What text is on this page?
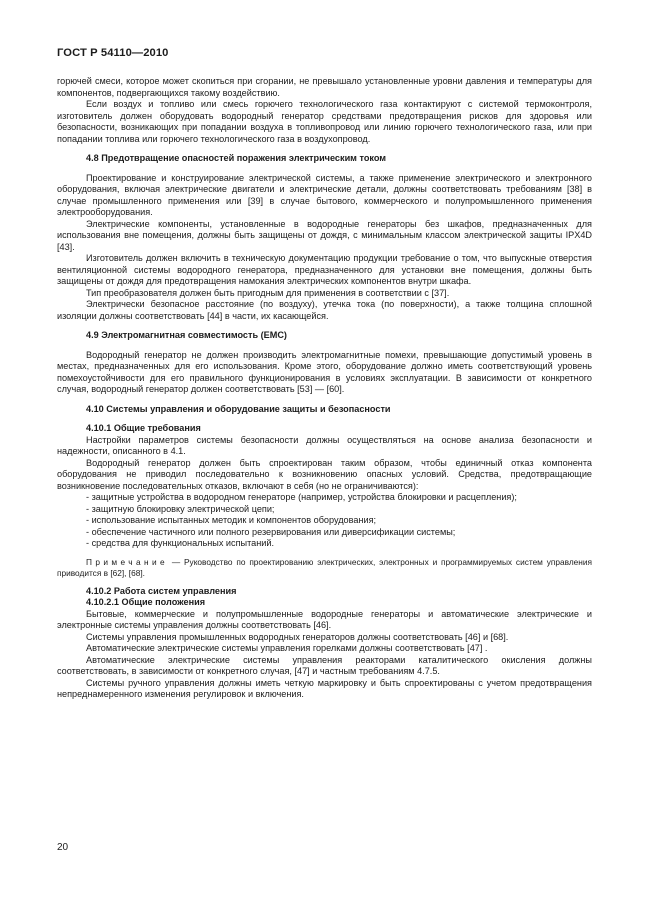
ГОСТ Р 54110—2010

горючей смеси, которое может скопиться при сгорании, не превышало установленные уровни давления и температуры для компонентов, подвергающихся такому воздействию.

Если воздух и топливо или смесь горючего технологического газа контактируют с системой термоконтроля, изготовитель должен оборудовать водородный генератор средствами предотвращения рисков для здоровья или безопасности, возникающих при попадании воздуха в топливопровод или линию горючего технологического газа, или при попадании топлива или горючего технологического газа в воздухопровод.

4.8 Предотвращение опасностей поражения электрическим током

Проектирование и конструирование электрической системы, а также применение электрического и электронного оборудования, включая электрические двигатели и электрические детали, должны соответствовать требованиям [38] в случае промышленного применения или [39] в случае бытового, коммерческого и полупромышленного применения электрооборудования.

Электрические компоненты, установленные в водородные генераторы без шкафов, предназначенных для использования вне помещения, должны быть защищены от дождя, с минимальным классом электрической защиты IPX4D [43].

Изготовитель должен включить в техническую документацию продукции требование о том, что выпускные отверстия вентиляционной системы водородного генератора, предназначенного для установки вне помещения, должны быть защищены от дождя для предотвращения намокания электрических компонентов внутри шкафа.

Тип преобразователя должен быть пригодным для применения в соответствии с [37].

Электрически безопасное расстояние (по воздуху), утечка тока (по поверхности), а также толщина сплошной изоляции должны соответствовать [44] в части, их касающейся.

4.9 Электромагнитная совместимость (ЕМС)

Водородный генератор не должен производить электромагнитные помехи, превышающие допустимый уровень в местах, предназначенных для его использования. Кроме этого, оборудование должно иметь соответствующий уровень помехоустойчивости для его правильного функционирования в условиях эксплуатации. В зависимости от конкретного случая, водородный генератор должен соответствовать [53] — [60].

4.10 Системы управления и оборудование защиты и безопасности

4.10.1 Общие требования

Настройки параметров системы безопасности должны осуществляться на основе анализа безопасности и надежности, описанного в 4.1.

Водородный генератор должен быть спроектирован таким образом, чтобы единичный отказ компонента оборудования не приводил последовательно к возникновению опасных условий. Средства, предотвращающие возникновение последовательных отказов, включают в себя (но не ограничиваются):

- защитные устройства в водородном генераторе (например, устройства блокировки и расцепления);

- защитную блокировку электрической цепи;

- использование испытанных методик и компонентов оборудования;

- обеспечение частичного или полного резервирования или диверсификации системы;

- средства для функциональных испытаний.

Примечание — Руководство по проектированию электрических, электронных и программируемых систем управления приводится в [62], [68].

4.10.2 Работа систем управления

4.10.2.1 Общие положения

Бытовые, коммерческие и полупромышленные водородные генераторы и автоматические электрические и электронные системы управления должны соответствовать [46].

Системы управления промышленных водородных генераторов должны соответствовать [46] и [68].

Автоматические электрические системы управления горелками должны соответствовать [47] .

Автоматические электрические системы управления реакторами каталитического окисления должны соответствовать, в зависимости от конкретного случая, [47] и частным требованиям 4.7.5.

Системы ручного управления должны иметь четкую маркировку и быть спроектированы с учетом предотвращения непреднамеренного изменения регулировок и включения.

20
